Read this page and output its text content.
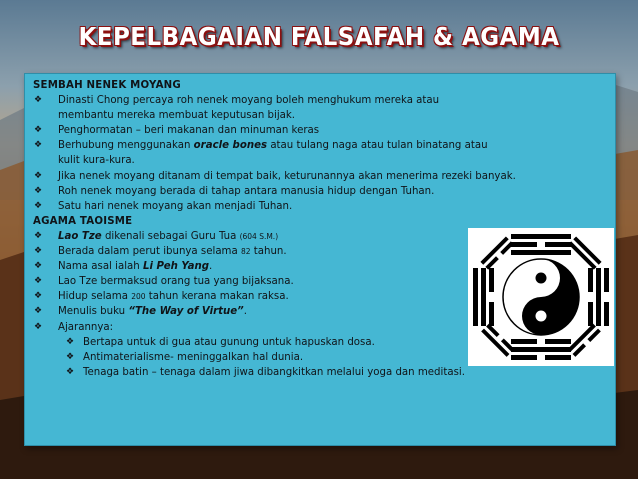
KEPELBAGAIAN FALSAFAH & AGAMA
SEMBAH NENEK MOYANG
❖	Dinasti Chong percaya roh nenek moyang boleh menghukum mereka atau membantu mereka membuat keputusan bijak.
❖	Penghormatan – beri makanan dan minuman keras
❖	Berhubung menggunakan oracle bones atau tulang naga atau tulan binatang atau kulit kura-kura.
❖	Jika nenek moyang ditanam di tempat baik, keturunannya akan menerima rezeki banyak.
❖	Roh nenek moyang berada di tahap antara manusia hidup dengan Tuhan.
❖	Satu hari nenek moyang akan menjadi Tuhan.
AGAMA TAOISME
❖	Lao Tze dikenali sebagai Guru Tua (604 S.M.)
❖	Berada dalam perut ibunya selama 82 tahun.
❖	Nama asal ialah Li Peh Yang.
❖	Lao Tze bermaksud orang tua yang bijaksana.
❖	Hidup selama 200 tahun kerana makan raksa.
❖	Menulis buku “The Way of Virtue”.
❖	Ajarannya:
❖ Bertapa untuk di gua atau gunung untuk hapuskan dosa.
❖ Antimaterialisme- meninggalkan hal dunia.
❖ Tenaga batin – tenaga dalam jiwa dibangkitkan melalui yoga dan meditasi.
